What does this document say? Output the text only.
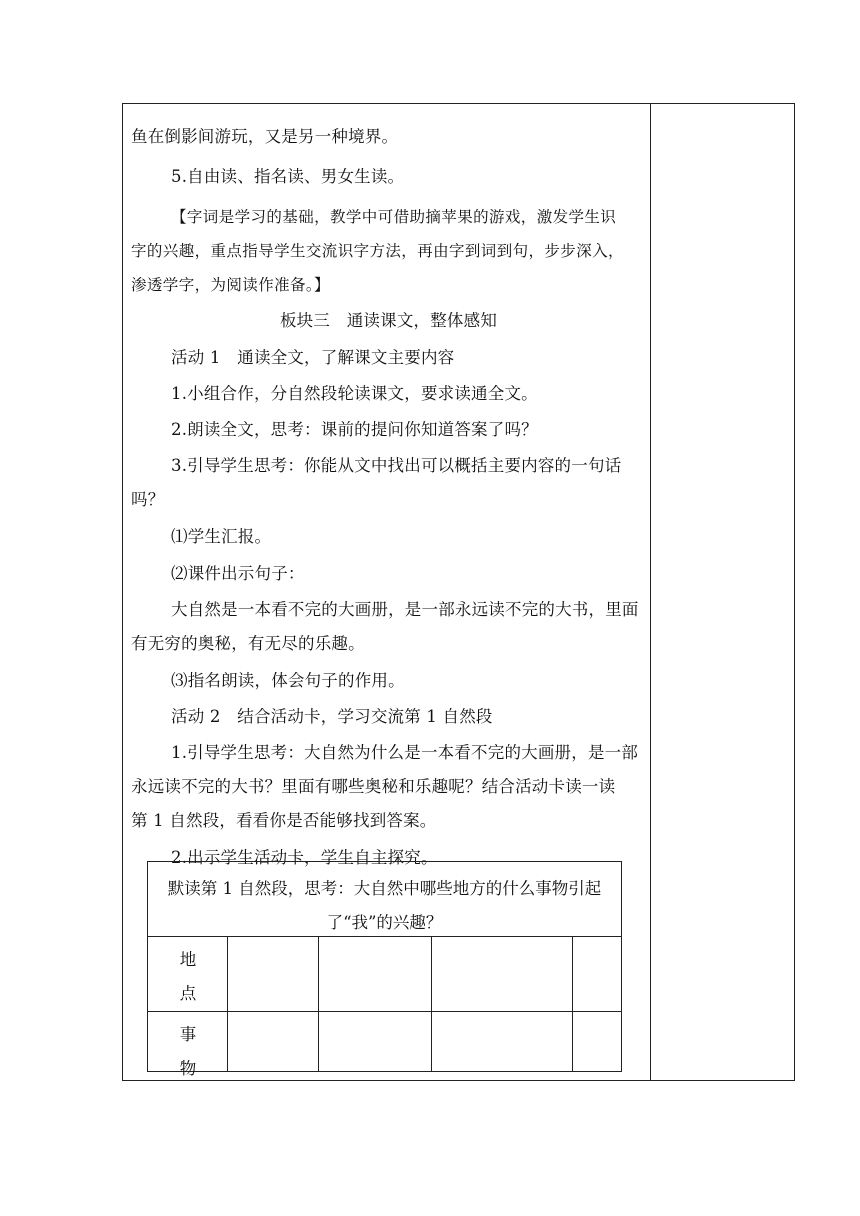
鱼在倒影间游玩，又是另一种境界。
5.自由读、指名读、男女生读。
【字词是学习的基础，教学中可借助摘苹果的游戏，激发学生识
字的兴趣，重点指导学生交流识字方法，再由字到词到句，步步深入，
渗透学字，为阅读作准备。】
板块三　通读课文，整体感知
活动 1　通读全文，了解课文主要内容
1.小组合作，分自然段轮读课文，要求读通全文。
2.朗读全文，思考：课前的提问你知道答案了吗？
3.引导学生思考：你能从文中找出可以概括主要内容的一句话
吗？
⑴学生汇报。
⑵课件出示句子：
大自然是一本看不完的大画册，是一部永远读不完的大书，里面
有无穷的奥秘，有无尽的乐趣。
⑶指名朗读，体会句子的作用。
活动 2　结合活动卡，学习交流第 1 自然段
1.引导学生思考：大自然为什么是一本看不完的大画册，是一部
永远读不完的大书？里面有哪些奥秘和乐趣呢？结合活动卡读一读
第 1 自然段，看看你是否能够找到答案。
2.出示学生活动卡，学生自主探究。
默读第 1 自然段，思考：大自然中哪些地方的什么事物引起
了“我”的兴趣？
地
点
事
物
